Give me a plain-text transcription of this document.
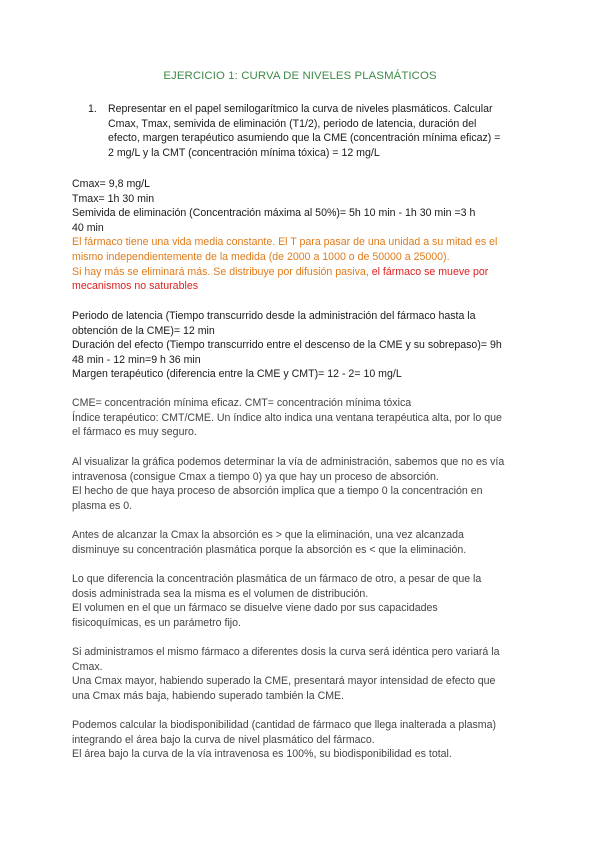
EJERCICIO 1: CURVA DE NIVELES PLASMÁTICOS
1. Representar en el papel semilogarítmico la curva de niveles plasmáticos. Calcular
Cmax, Tmax, semivida de eliminación (T1/2), periodo de latencia, duración del
efecto, margen terapéutico asumiendo que la CME (concentración mínima eficaz) =
2 mg/L y la CMT (concentración mínima tóxica) = 12 mg/L
Cmax= 9,8 mg/L
Tmax= 1h 30 min
Semivida de eliminación (Concentración máxima al 50%)= 5h 10 min - 1h 30 min =3 h
40 min
El fármaco tiene una vida media constante. El T para pasar de una unidad a su mitad es el
mismo independientemente de la medida (de 2000 a 1000 o de 50000 a 25000).
Si hay más se eliminará más. Se distribuye por difusión pasiva, el fármaco se mueve por
mecanismos no saturables
Periodo de latencia (Tiempo transcurrido desde la administración del fármaco hasta la
obtención de la CME)= 12 min
Duración del efecto (Tiempo transcurrido entre el descenso de la CME y su sobrepaso)= 9h
48 min - 12 min=9 h 36 min
Margen terapéutico (diferencia entre la CME y CMT)= 12 - 2= 10 mg/L
CME= concentración mínima eficaz. CMT= concentración mínima tóxica
Índice terapéutico: CMT/CME. Un índice alto indica una ventana terapéutica alta, por lo que
el fármaco es muy seguro.
Al visualizar la gráfica podemos determinar la vía de administración, sabemos que no es vía
intravenosa (consigue Cmax a tiempo 0) ya que hay un proceso de absorción.
El hecho de que haya proceso de absorción implica que a tiempo 0 la concentración en
plasma es 0.
Antes de alcanzar la Cmax la absorción es > que la eliminación, una vez alcanzada
disminuye su concentración plasmática porque la absorción es < que la eliminación.
Lo que diferencia la concentración plasmática de un fármaco de otro, a pesar de que la
dosis administrada sea la misma es el volumen de distribución.
El volumen en el que un fármaco se disuelve viene dado por sus capacidades
fisicoquímicas, es un parámetro fijo.
Si administramos el mismo fármaco a diferentes dosis la curva será idéntica pero variará la
Cmax.
Una Cmax mayor, habiendo superado la CME, presentará mayor intensidad de efecto que
una Cmax más baja, habiendo superado también la CME.
Podemos calcular la biodisponibilidad (cantidad de fármaco que llega inalterada a plasma)
integrando el área bajo la curva de nivel plasmático del fármaco.
El área bajo la curva de la vía intravenosa es 100%, su biodisponibilidad es total.
